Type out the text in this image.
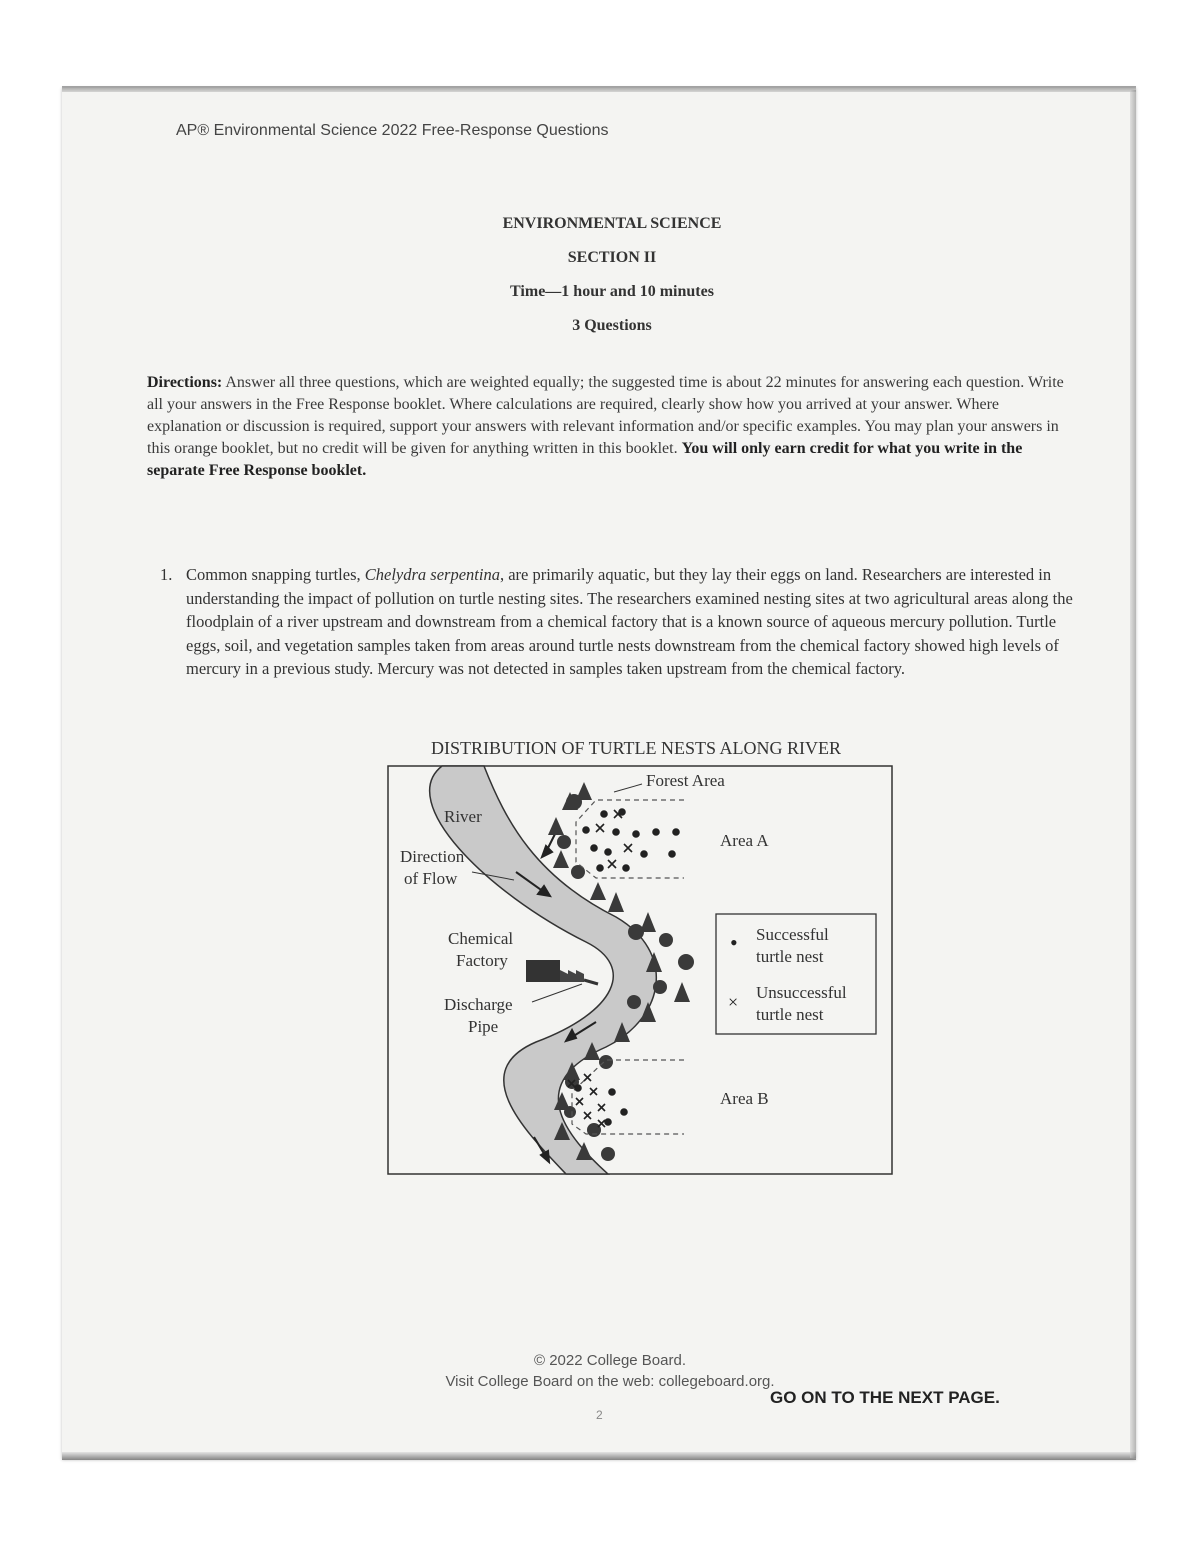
AP® Environmental Science 2022 Free-Response Questions
ENVIRONMENTAL SCIENCE
SECTION II
Time—1 hour and 10 minutes
3 Questions
Directions: Answer all three questions, which are weighted equally; the suggested time is about 22 minutes for answering each question. Write all your answers in the Free Response booklet. Where calculations are required, clearly show how you arrived at your answer. Where explanation or discussion is required, support your answers with relevant information and/or specific examples. You may plan your answers in this orange booklet, but no credit will be given for anything written in this booklet. You will only earn credit for what you write in the separate Free Response booklet.
1. Common snapping turtles, Chelydra serpentina, are primarily aquatic, but they lay their eggs on land. Researchers are interested in understanding the impact of pollution on turtle nesting sites. The researchers examined nesting sites at two agricultural areas along the floodplain of a river upstream and downstream from a chemical factory that is a known source of aqueous mercury pollution. Turtle eggs, soil, and vegetation samples taken from areas around turtle nests downstream from the chemical factory showed high levels of mercury in a previous study. Mercury was not detected in samples taken upstream from the chemical factory.
DISTRIBUTION OF TURTLE NESTS ALONG RIVER
Forest Area
River
Direction
of Flow
Chemical
Factory
Discharge
Pipe
Area A
Area B
• Successful
turtle nest
× Unsuccessful
turtle nest
© 2022 College Board.
Visit College Board on the web: collegeboard.org.
GO ON TO THE NEXT PAGE.
2
